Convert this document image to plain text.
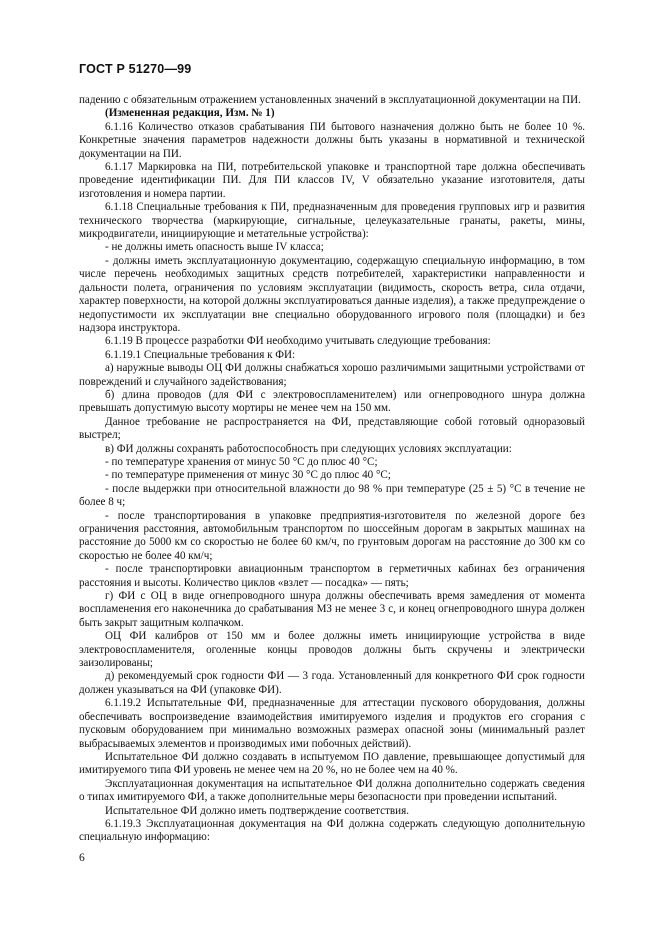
ГОСТ Р 51270—99

падению с обязательным отражением установленных значений в эксплуатационной документации на ПИ.

(Измененная редакция, Изм. № 1)

6.1.16 Количество отказов срабатывания ПИ бытового назначения должно быть не более 10 %. Конкретные значения параметров надежности должны быть указаны в нормативной и технической документации на ПИ.

6.1.17 Маркировка на ПИ, потребительской упаковке и транспортной таре должна обеспечивать проведение идентификации ПИ. Для ПИ классов IV, V обязательно указание изготовителя, даты изготовления и номера партии.

6.1.18 Специальные требования к ПИ, предназначенным для проведения групповых игр и развития технического творчества (маркирующие, сигнальные, целеуказательные гранаты, ракеты, мины, микродвигатели, инициирующие и метательные устройства):

- не должны иметь опасность выше IV класса;

- должны иметь эксплуатационную документацию, содержащую специальную информацию, в том числе перечень необходимых защитных средств потребителей, характеристики направленности и дальности полета, ограничения по условиям эксплуатации (видимость, скорость ветра, сила отдачи, характер поверхности, на которой должны эксплуатироваться данные изделия), а также предупреждение о недопустимости их эксплуатации вне специально оборудованного игрового поля (площадки) и без надзора инструктора.

6.1.19 В процессе разработки ФИ необходимо учитывать следующие требования:

6.1.19.1 Специальные требования к ФИ:

а) наружные выводы ОЦ ФИ должны снабжаться хорошо различимыми защитными устройствами от повреждений и случайного задействования;

б) длина проводов (для ФИ с электровоспламенителем) или огнепроводного шнура должна превышать допустимую высоту мортиры не менее чем на 150 мм.

Данное требование не распространяется на ФИ, представляющие собой готовый одноразовый выстрел;

в) ФИ должны сохранять работоспособность при следующих условиях эксплуатации:

- по температуре хранения от минус 50 °С до плюс 40 °С;

- по температуре применения от минус 30 °С до плюс 40 °С;

- после выдержки при относительной влажности до 98 % при температуре (25 ± 5) °С в течение не более 8 ч;

- после транспортирования в упаковке предприятия-изготовителя по железной дороге без ограничения расстояния, автомобильным транспортом по шоссейным дорогам в закрытых машинах на расстояние до 5000 км со скоростью не более 60 км/ч, по грунтовым дорогам на расстояние до 300 км со скоростью не более 40 км/ч;

- после транспортировки авиационным транспортом в герметичных кабинах без ограничения расстояния и высоты. Количество циклов «взлет — посадка» — пять;

г) ФИ с ОЦ в виде огнепроводного шнура должны обеспечивать время замедления от момента воспламенения его наконечника до срабатывания МЗ не менее 3 с, и конец огнепроводного шнура должен быть закрыт защитным колпачком.

ОЦ ФИ калибров от 150 мм и более должны иметь инициирующие устройства в виде электровоспламенителя, оголенные концы проводов должны быть скручены и электрически заизолированы;

д) рекомендуемый срок годности ФИ — 3 года. Установленный для конкретного ФИ срок годности должен указываться на ФИ (упаковке ФИ).

6.1.19.2 Испытательные ФИ, предназначенные для аттестации пускового оборудования, должны обеспечивать воспроизведение взаимодействия имитируемого изделия и продуктов его сгорания с пусковым оборудованием при минимально возможных размерах опасной зоны (минимальный разлет выбрасываемых элементов и производимых ими побочных действий).

Испытательное ФИ должно создавать в испытуемом ПО давление, превышающее допустимый для имитируемого типа ФИ уровень не менее чем на 20 %, но не более чем на 40 %.

Эксплуатационная документация на испытательное ФИ должна дополнительно содержать сведения о типах имитируемого ФИ, а также дополнительные меры безопасности при проведении испытаний.

Испытательное ФИ должно иметь подтверждение соответствия.

6.1.19.3 Эксплуатационная документация на ФИ должна содержать следующую дополнительную специальную информацию:

6
